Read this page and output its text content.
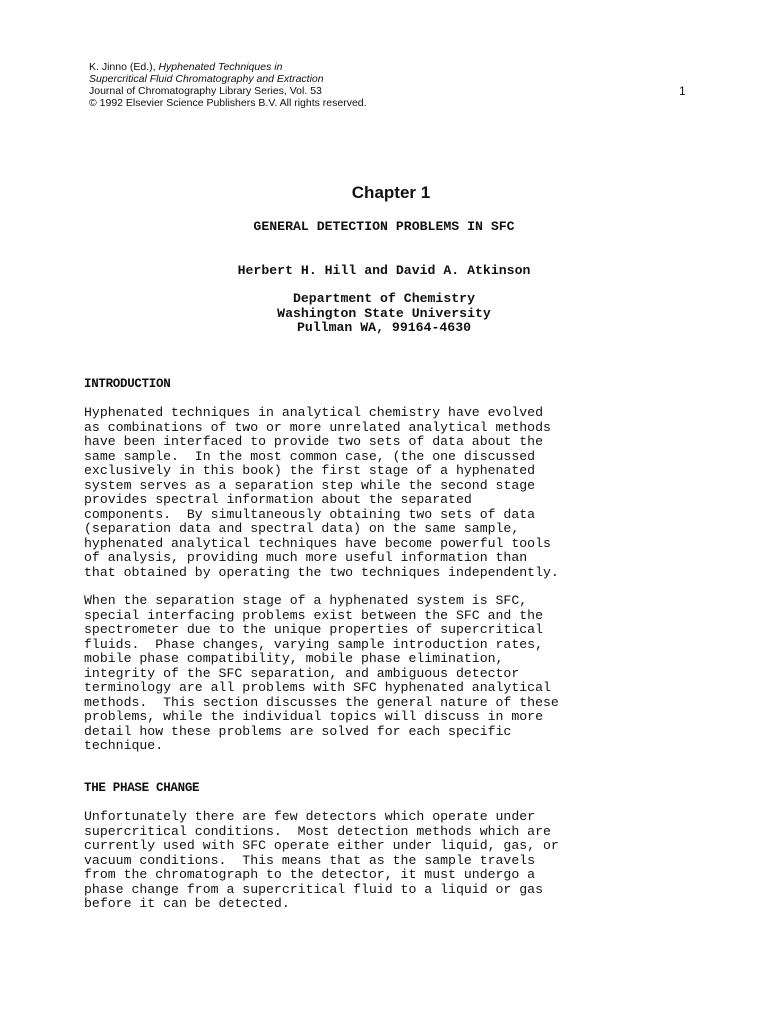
K. Jinno (Ed.), Hyphenated Techniques in
Supercritical Fluid Chromatography and Extraction
Journal of Chromatography Library Series, Vol. 53
© 1992 Elsevier Science Publishers B.V. All rights reserved.
1
Chapter 1
GENERAL DETECTION PROBLEMS IN SFC
Herbert H. Hill and David A. Atkinson
Department of Chemistry
Washington State University
Pullman WA, 99164-4630
INTRODUCTION
Hyphenated techniques in analytical chemistry have evolved
as combinations of two or more unrelated analytical methods
have been interfaced to provide two sets of data about the
same sample.  In the most common case, (the one discussed
exclusively in this book) the first stage of a hyphenated
system serves as a separation step while the second stage
provides spectral information about the separated
components.  By simultaneously obtaining two sets of data
(separation data and spectral data) on the same sample,
hyphenated analytical techniques have become powerful tools
of analysis, providing much more useful information than
that obtained by operating the two techniques independently.
When the separation stage of a hyphenated system is SFC,
special interfacing problems exist between the SFC and the
spectrometer due to the unique properties of supercritical
fluids.  Phase changes, varying sample introduction rates,
mobile phase compatibility, mobile phase elimination,
integrity of the SFC separation, and ambiguous detector
terminology are all problems with SFC hyphenated analytical
methods.  This section discusses the general nature of these
problems, while the individual topics will discuss in more
detail how these problems are solved for each specific
technique.
THE PHASE CHANGE
Unfortunately there are few detectors which operate under
supercritical conditions.  Most detection methods which are
currently used with SFC operate either under liquid, gas, or
vacuum conditions.  This means that as the sample travels
from the chromatograph to the detector, it must undergo a
phase change from a supercritical fluid to a liquid or gas
before it can be detected.
